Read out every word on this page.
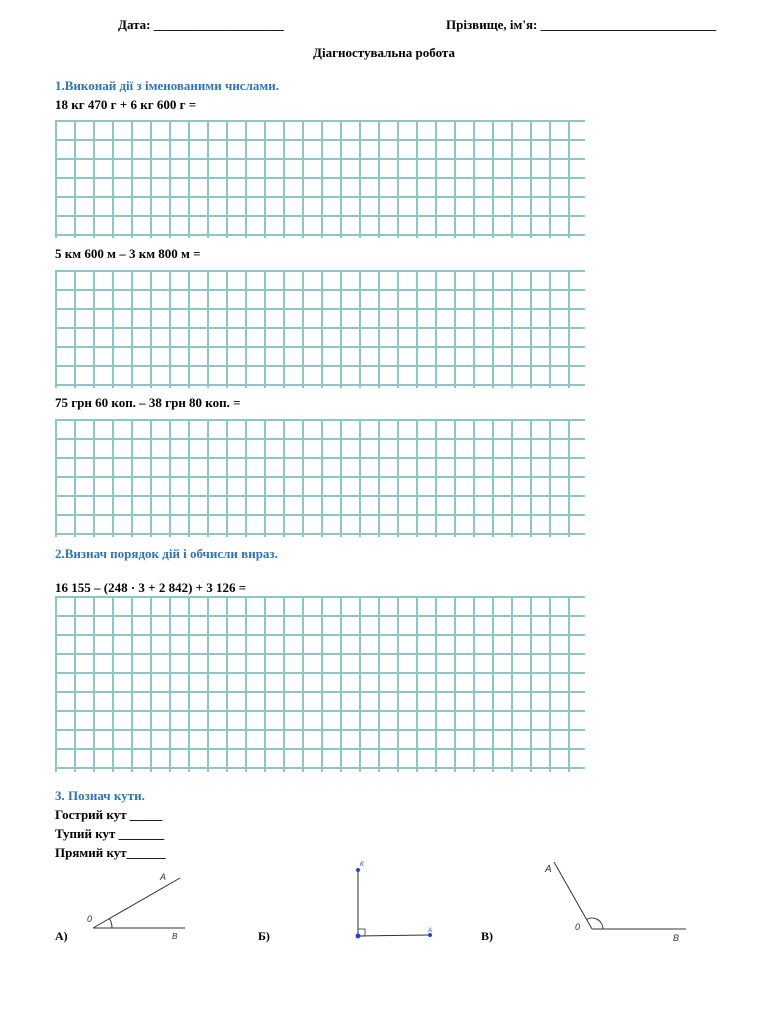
Дата: ____________________	Прізвище, ім'я: ___________________________
Діагностувальна робота
1.Виконай дії з іменованими числами.
18 кг 470 г + 6 кг 600 г =
5 км 600 м – 3 км 800 м =
75 грн 60 коп. – 38 грн 80 коп. =
2.Визнач порядок дій і обчисли вираз.
16 155 – (248 · 3 + 2 842) + 3 126 =
3. Познач кути.
Гострий кут _____
Тупий кут _______
Прямий кут______
А)
A
0
B	Б)
K
A	В)
A
0
B
